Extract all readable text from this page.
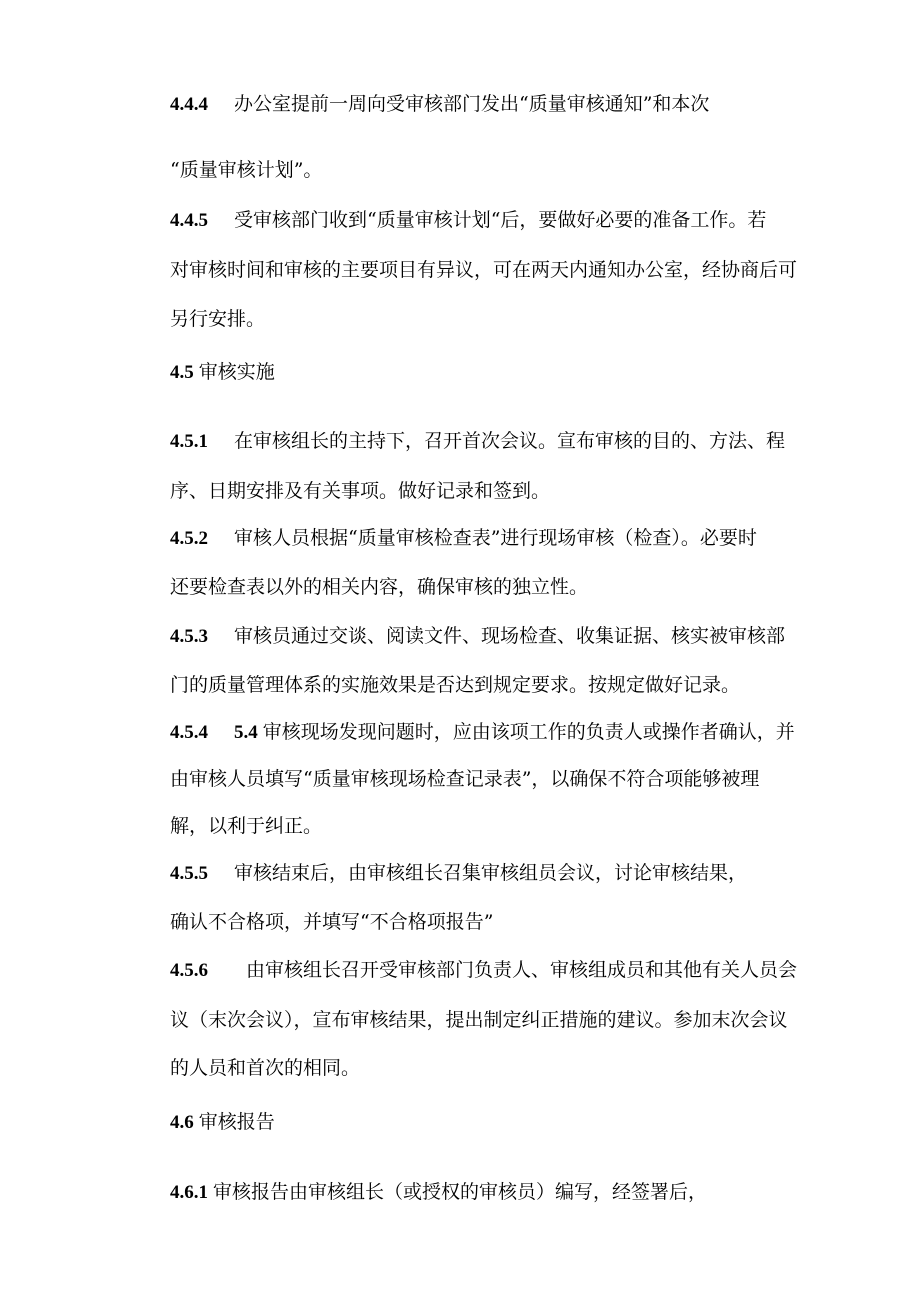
4.4.4 办公室提前一周向受审核部门发出“质量审核通知”和本次
“质量审核计划”。
4.4.5 受审核部门收到“质量审核计划“后，要做好必要的准备工作。若
对审核时间和审核的主要项目有异议，可在两天内通知办公室，经协商后可
另行安排。
4.5 审核实施
4.5.1 在审核组长的主持下，召开首次会议。宣布审核的目的、方法、程
序、日期安排及有关事项。做好记录和签到。
4.5.2 审核人员根据“质量审核检查表”进行现场审核（检查）。必要时
还要检查表以外的相关内容，确保审核的独立性。
4.5.3 审核员通过交谈、阅读文件、现场检查、收集证据、核实被审核部
门的质量管理体系的实施效果是否达到规定要求。按规定做好记录。
4.5.4 5.4 审核现场发现问题时，应由该项工作的负责人或操作者确认，并
由审核人员填写“质量审核现场检查记录表”，以确保不符合项能够被理
解，以利于纠正。
4.5.5 审核结束后，由审核组长召集审核组员会议，讨论审核结果，
确认不合格项，并填写“不合格项报告”
4.5.6 由审核组长召开受审核部门负责人、审核组成员和其他有关人员会
议（末次会议），宣布审核结果，提出制定纠正措施的建议。参加末次会议
的人员和首次的相同。
4.6 审核报告
4.6.1 审核报告由审核组长（或授权的审核员）编写，经签署后，
